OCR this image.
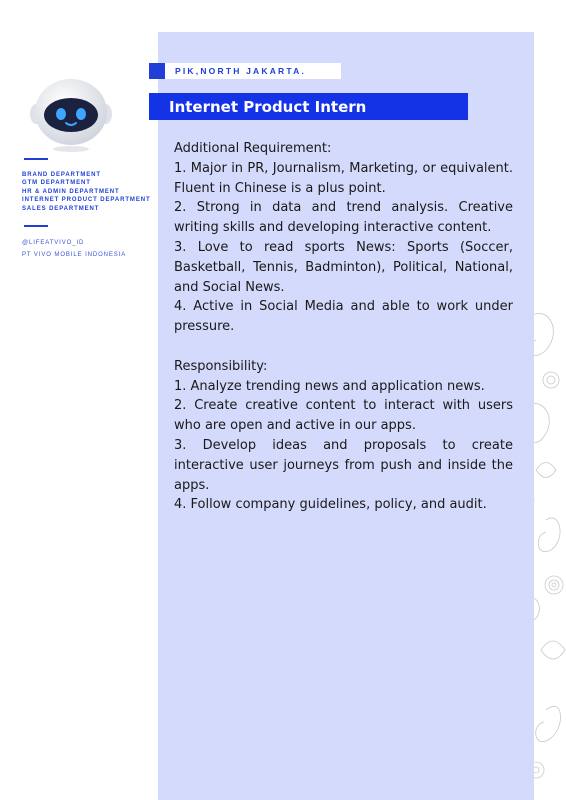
PIK,NORTH JAKARTA.
Internet Product Intern

Additional Requirement:

1. Major in PR, Journalism, Marketing, or equivalent. Fluent in Chinese is a plus point.

2. Strong in data and trend analysis. Creative writing skills and developing interactive content.

3. Love to read sports News: Sports (Soccer, Basketball, Tennis, Badminton), Political, National, and Social News.

4. Active in Social Media and able to work under pressure.

Responsibility:

1. Analyze trending news and application news.

2. Create creative content to interact with users who are open and active in our apps.

3. Develop ideas and proposals to create interactive user journeys from push and inside the apps.

4. Follow company guidelines, policy, and audit.

BRAND DEPARTMENT
GTM DEPARTMENT
HR & ADMIN DEPARTMENT
INTERNET PRODUCT DEPARTMENT
SALES DEPARTMENT
@LIFEATVIVO_ID
PT VIVO MOBILE INDONESIA
